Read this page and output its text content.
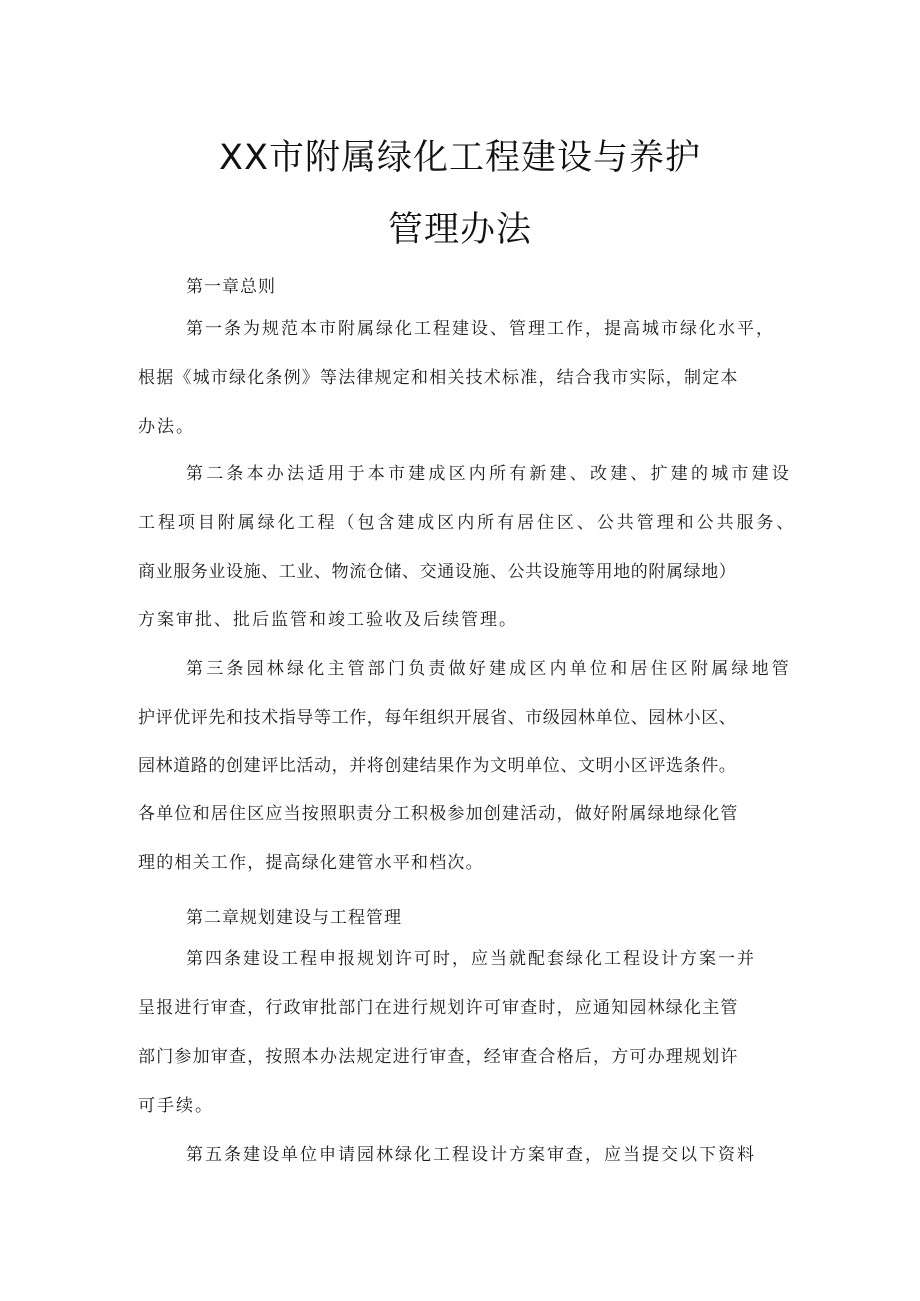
XX市附属绿化工程建设与养护
管理办法
第一章总则

第一条为规范本市附属绿化工程建设、管理工作，提高城市绿化水平，

根据《城市绿化条例》等法律规定和相关技术标准，结合我市实际，制定本

办法。

第二条本办法适用于本市建成区内所有新建、改建、扩建的城市建设

工程项目附属绿化工程（包含建成区内所有居住区、公共管理和公共服务、

商业服务业设施、工业、物流仓储、交通设施、公共设施等用地的附属绿地）

方案审批、批后监管和竣工验收及后续管理。

第三条园林绿化主管部门负责做好建成区内单位和居住区附属绿地管

护评优评先和技术指导等工作，每年组织开展省、市级园林单位、园林小区、

园林道路的创建评比活动，并将创建结果作为文明单位、文明小区评选条件。

各单位和居住区应当按照职责分工积极参加创建活动，做好附属绿地绿化管

理的相关工作，提高绿化建管水平和档次。

第二章规划建设与工程管理

第四条建设工程申报规划许可时，应当就配套绿化工程设计方案一并

呈报进行审查，行政审批部门在进行规划许可审查时，应通知园林绿化主管

部门参加审查，按照本办法规定进行审查，经审查合格后，方可办理规划许

可手续。

第五条建设单位申请园林绿化工程设计方案审查，应当提交以下资料
